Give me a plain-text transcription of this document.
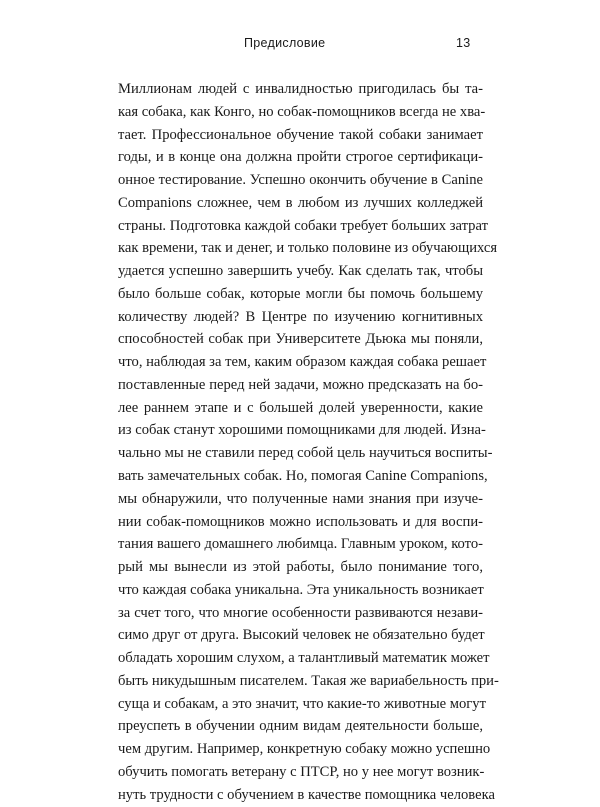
Предисловие	13
Миллионам людей с инвалидностью пригодилась бы та-
кая собака, как Конго, но собак-помощников всегда не хва-
тает. Профессиональное обучение такой собаки занимает
годы, и в конце она должна пройти строгое сертификаци-
онное тестирование. Успешно окончить обучение в Canine
Companions сложнее, чем в любом из лучших колледжей
страны. Подготовка каждой собаки требует больших затрат
как времени, так и денег, и только половине из обучающихся
удается успешно завершить учебу. Как сделать так, чтобы
было больше собак, которые могли бы помочь большему
количеству людей? В Центре по изучению когнитивных
способностей собак при Университете Дьюка мы поняли,
что, наблюдая за тем, каким образом каждая собака решает
поставленные перед ней задачи, можно предсказать на бо-
лее раннем этапе и с большей долей уверенности, какие
из собак станут хорошими помощниками для людей. Изна-
чально мы не ставили перед собой цель научиться воспиты-
вать замечательных собак. Но, помогая Canine Companions,
мы обнаружили, что полученные нами знания при изуче-
нии собак-помощников можно использовать и для воспи-
тания вашего домашнего любимца. Главным уроком, кото-
рый мы вынесли из этой работы, было понимание того,
что каждая собака уникальна. Эта уникальность возникает
за счет того, что многие особенности развиваются незави-
симо друг от друга. Высокий человек не обязательно будет
обладать хорошим слухом, а талантливый математик может
быть никудышным писателем. Такая же вариабельность при-
суща и собакам, а это значит, что какие-то животные могут
преуспеть в обучении одним видам деятельности больше,
чем другим. Например, конкретную собаку можно успешно
обучить помогать ветерану с ПТСР, но у нее могут возник-
нуть трудности с обучением в качестве помощника человека
